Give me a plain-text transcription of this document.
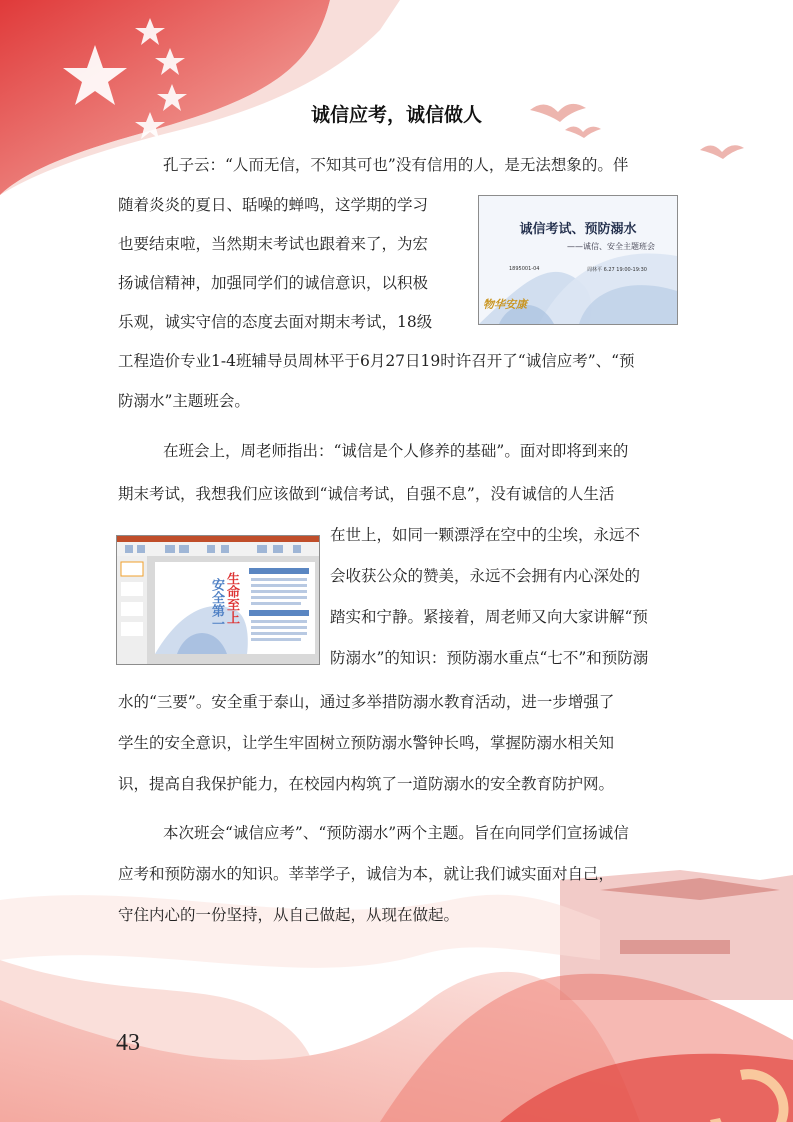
诚信应考，诚信做人
孔子云：“人而无信，不知其可也”没有信用的人，是无法想象的。伴
随着炎炎的夏日、聒噪的蝉鸣，这学期的学习
也要结束啦，当然期末考试也跟着来了，为宏
扬诚信精神，加强同学们的诚信意识，以积极
乐观，诚实守信的态度去面对期末考试，18级
工程造价专业1-4班辅导员周林平于6月27日19时许召开了“诚信应考”、“预
防溺水”主题班会。
在班会上，周老师指出：“诚信是个人修养的基础”。面对即将到来的
期末考试，我想我们应该做到“诚信考试，自强不息”，没有诚信的人生活
在世上，如同一颗漂浮在空中的尘埃，永远不
会收获公众的赞美，永远不会拥有内心深处的
踏实和宁静。紧接着，周老师又向大家讲解“预
防溺水”的知识：预防溺水重点“七不”和预防溺
水的“三要”。安全重于泰山，通过多举措防溺水教育活动，进一步增强了
学生的安全意识，让学生牢固树立预防溺水警钟长鸣，掌握防溺水相关知
识，提高自我保护能力，在校园内构筑了一道防溺水的安全教育防护网。
本次班会“诚信应考”、“预防溺水”两个主题。旨在向同学们宣扬诚信
应考和预防溺水的知识。莘莘学子，诚信为本，就让我们诚实面对自己，
守住内心的一份坚持，从自己做起，从现在做起。
诚信考试、预防溺水
——诚信、安全主题班会
1895001-04	周林平 6.27 19:00-19:30
物华安康
安全第一 生命至上
43
